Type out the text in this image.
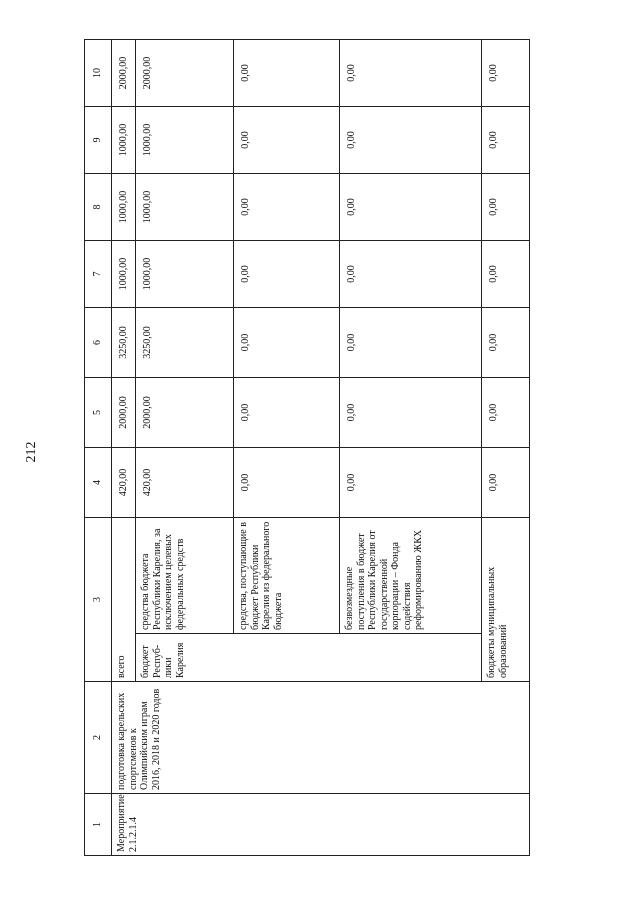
212
1	2	3		4	5	6	7	8	9	10
Мероприятие 2.1.2.1.4	подготовка карельских спортсменов к Олимпийским играм 2016, 2018 и 2020 годов	всего		420,00	2000,00	3250,00	1000,00	1000,00	1000,00	2000,00
		бюджет Респуб-лики Карелия	средства бюджета Республики Карелия, за исключением целевых федеральных средств	420,00	2000,00	3250,00	1000,00	1000,00	1000,00	2000,00
			средства, поступающие в бюджет Республики Карелия из федерального бюджета	0,00	0,00	0,00	0,00	0,00	0,00	0,00
			безвозмездные поступления в бюджет Республики Карелия от государственной корпорации – Фонда содействия реформированию ЖКХ	0,00	0,00	0,00	0,00	0,00	0,00	0,00
		бюджеты муниципальных образований		0,00	0,00	0,00	0,00	0,00	0,00	0,00
